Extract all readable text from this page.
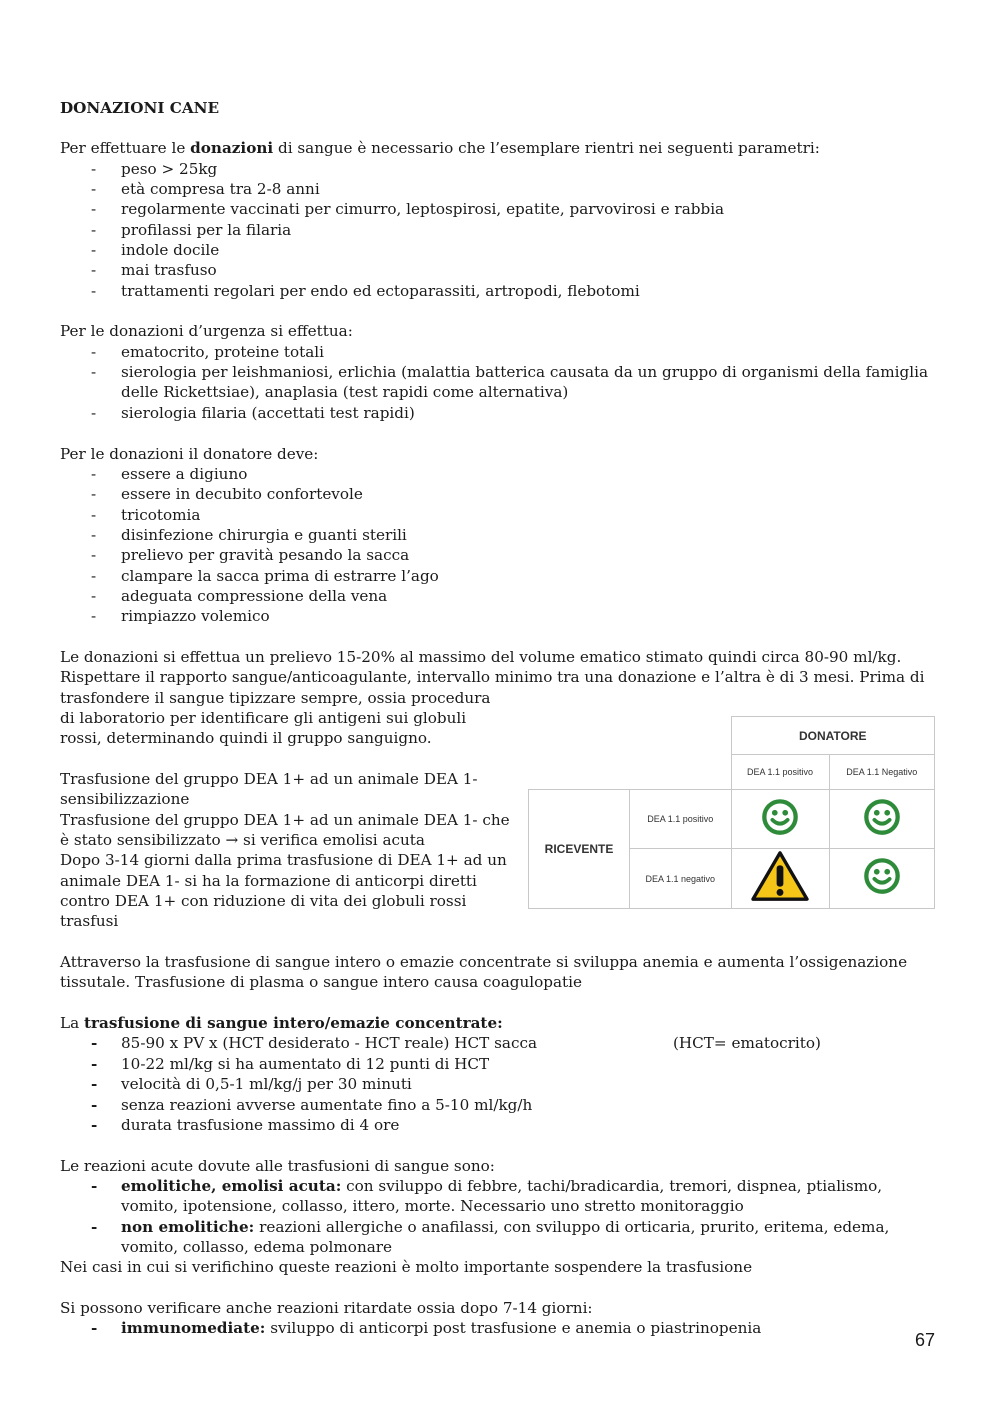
DONAZIONI CANE

Per effettuare le donazioni di sangue è necessario che l’esemplare rientri nei seguenti parametri:

- peso > 25kg
- età compresa tra 2-8 anni
- regolarmente vaccinati per cimurro, leptospirosi, epatite, parvovirosi e rabbia
- profilassi per la filaria
- indole docile
- mai trasfuso
- trattamenti regolari per endo ed ectoparassiti, artropodi, flebotomi

Per le donazioni d’urgenza si effettua:

- ematocrito, proteine totali
-	sierologia per leishmaniosi, erlichia (malattia batterica causata da un gruppo di organismi della famiglia delle Rickettsiae), anaplasia (test rapidi come alternativa)
- sierologia filaria (accettati test rapidi)

Per le donazioni il donatore deve:

- essere a digiuno
- essere in decubito confortevole
- tricotomia
- disinfezione chirurgia e guanti sterili
- prelievo per gravità pesando la sacca
- clampare la sacca prima di estrarre l’ago
- adeguata compressione della vena
- rimpiazzo volemico

Le donazioni si effettua un prelievo 15-20% al massimo del volume ematico stimato quindi circa 80-90 ml/kg.

Rispettare il rapporto sangue/anticoagulante, intervallo minimo tra una donazione e l’altra è di 3 mesi. Prima di

trasfondere il sangue tipizzare sempre, ossia procedura di laboratorio per identificare gli antigeni sui globuli rossi, determinando quindi il gruppo sanguigno.

Trasfusione del gruppo DEA 1+ ad un animale DEA 1- sensibilizzazione

Trasfusione del gruppo DEA 1+ ad un animale DEA 1- che è stato sensibilizzato → si verifica emolisi acuta

Dopo 3-14 giorni dalla prima trasfusione di DEA 1+ ad un animale DEA 1- si ha la formazione di anticorpi diretti contro DEA 1+ con riduzione di vita dei globuli rossi trasfusi

Attraverso la trasfusione di sangue intero o emazie concentrate si sviluppa anemia e aumenta l’ossigenazione tissutale. Trasfusione di plasma o sangue intero causa coagulopatie

La trasfusione di sangue intero/emazie concentrate:

- 85-90 x PV x (HCT desiderato - HCT reale) HCT sacca	(HCT= ematocrito)
- 10-22 ml/kg si ha aumentato di 12 punti di HCT
- velocità di 0,5-1 ml/kg/j per 30 minuti
- senza reazioni avverse aumentate fino a 5-10 ml/kg/h
- durata trasfusione massimo di 4 ore

Le reazioni acute dovute alle trasfusioni di sangue sono:

- emolitiche, emolisi acuta: con sviluppo di febbre, tachi/bradicardia, tremori, dispnea, ptialismo, vomito, ipotensione, collasso, ittero, morte. Necessario uno stretto monitoraggio
- non emolitiche: reazioni allergiche o anafilassi, con sviluppo di orticaria, prurito, eritema, edema, vomito, collasso, edema polmonare

Nei casi in cui si verifichino queste reazioni è molto importante sospendere la trasfusione

Si possono verificare anche reazioni ritardate ossia dopo 7-14 giorni:

- immunomediate: sviluppo di anticorpi post trasfusione e anemia o piastrinopenia
		DONATORE	
		DEA 1.1 positivo	DEA 1.1 Negativo
RICEVENTE	DEA 1.1 positivo		
	DEA 1.1 negativo		
67
